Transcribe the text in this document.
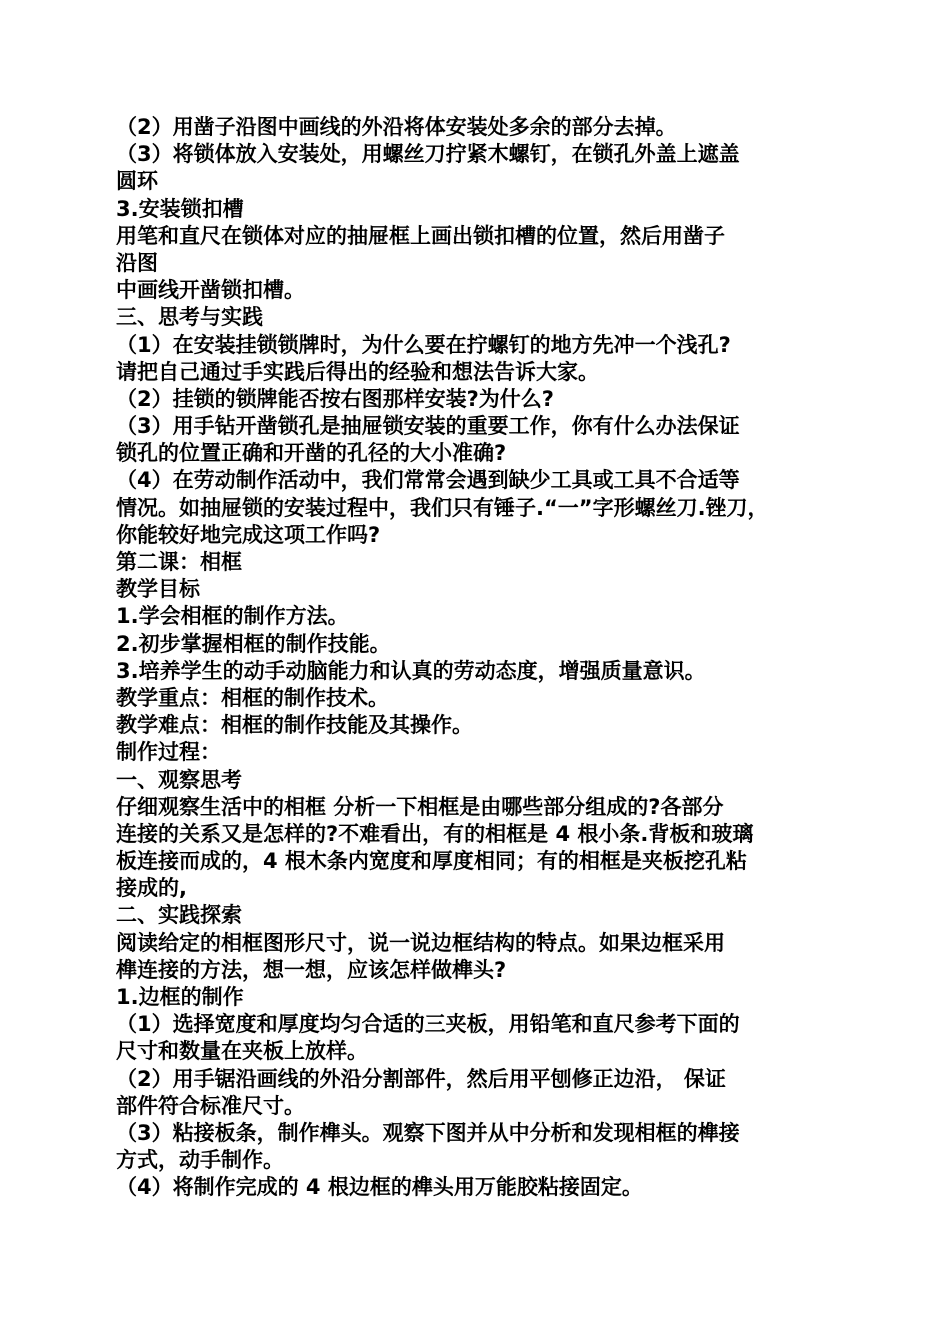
（2）用凿子沿图中画线的外沿将体安装处多余的部分去掉。
（3）将锁体放入安装处，用螺丝刀拧紧木螺钉，在锁孔外盖上遮盖
圆环
3.安装锁扣槽
用笔和直尺在锁体对应的抽屉框上画出锁扣槽的位置，然后用凿子
沿图
中画线开凿锁扣槽。
三、思考与实践
（1）在安装挂锁锁牌时，为什么要在拧螺钉的地方先冲一个浅孔?
请把自己通过手实践后得出的经验和想法告诉大家。
（2）挂锁的锁牌能否按右图那样安装?为什么?
（3）用手钻开凿锁孔是抽屉锁安装的重要工作，你有什么办法保证
锁孔的位置正确和开凿的孔径的大小准确?
（4）在劳动制作活动中，我们常常会遇到缺少工具或工具不合适等
情况。如抽屉锁的安装过程中，我们只有锤子.“一”字形螺丝刀.锉刀，
你能较好地完成这项工作吗?
第二课：相框
教学目标
1.学会相框的制作方法。
2.初步掌握相框的制作技能。
3.培养学生的动手动脑能力和认真的劳动态度，增强质量意识。
教学重点：相框的制作技术。
教学难点：相框的制作技能及其操作。
制作过程：
一、观察思考
仔细观察生活中的相框 分析一下相框是由哪些部分组成的?各部分
连接的关系又是怎样的?不难看出，有的相框是 4 根小条.背板和玻璃
板连接而成的，4 根木条内宽度和厚度相同；有的相框是夹板挖孔粘
接成的,
二、实践探索
阅读给定的相框图形尺寸，说一说边框结构的特点。如果边框采用
榫连接的方法，想一想，应该怎样做榫头?
1.边框的制作
（1）选择宽度和厚度均匀合适的三夹板，用铅笔和直尺参考下面的
尺寸和数量在夹板上放样。
（2）用手锯沿画线的外沿分割部件，然后用平刨修正边沿， 保证
部件符合标准尺寸。
（3）粘接板条，制作榫头。观察下图并从中分析和发现相框的榫接
方式，动手制作。
（4）将制作完成的 4 根边框的榫头用万能胶粘接固定。
